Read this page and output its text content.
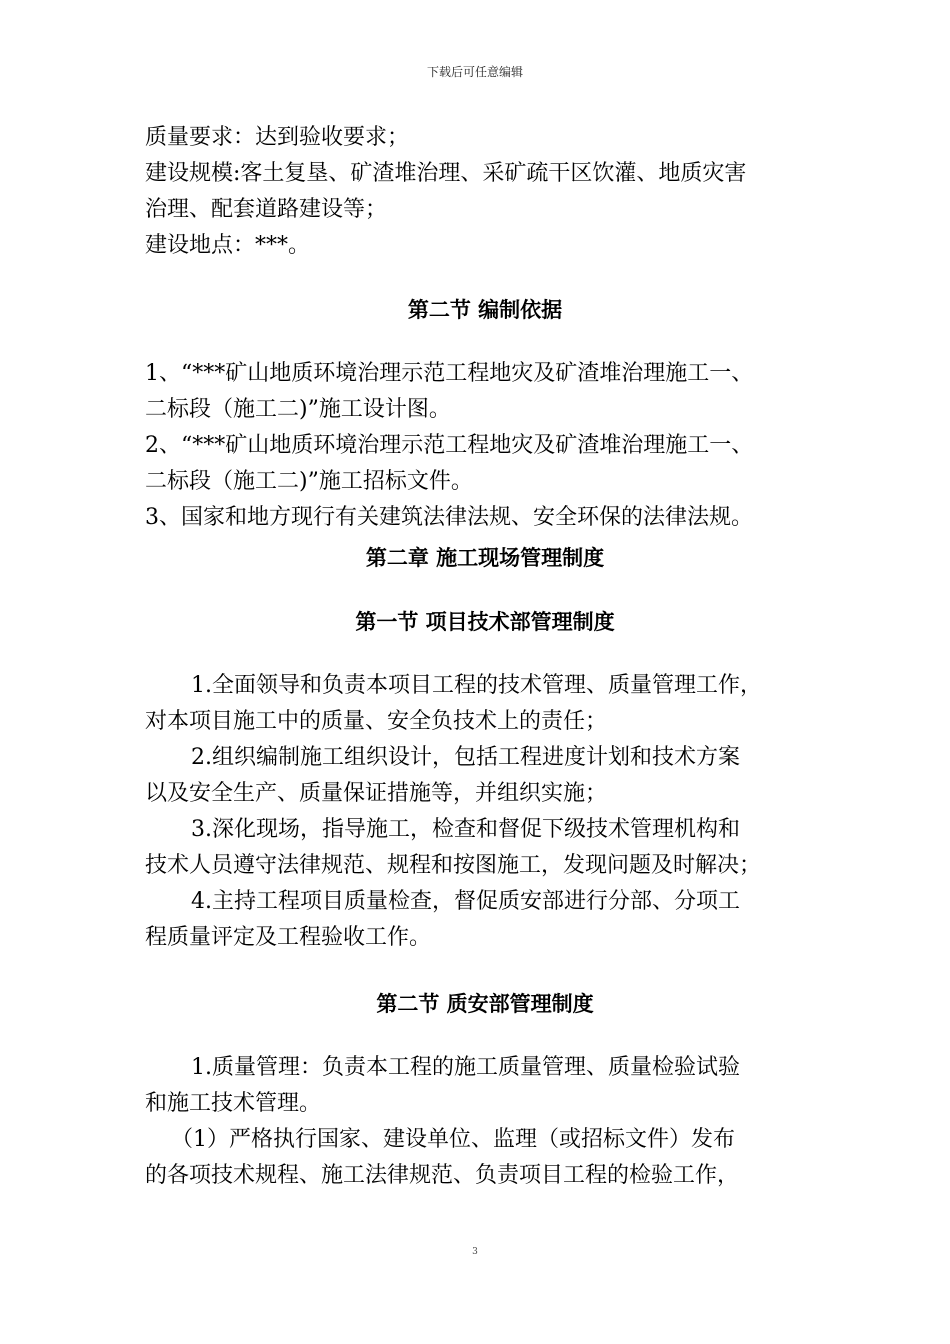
下载后可任意编辑
质量要求：达到验收要求；
建设规模:客土复垦、矿渣堆治理、采矿疏干区饮灌、地质灾害
治理、配套道路建设等；
建设地点：***。
第二节 编制依据
1、“***矿山地质环境治理示范工程地灾及矿渣堆治理施工一、
二标段（施工二)”施工设计图。
2、“***矿山地质环境治理示范工程地灾及矿渣堆治理施工一、
二标段（施工二)”施工招标文件。
3、国家和地方现行有关建筑法律法规、安全环保的法律法规。
第二章 施工现场管理制度
第一节 项目技术部管理制度
1.全面领导和负责本项目工程的技术管理、质量管理工作，
对本项目施工中的质量、安全负技术上的责任；
2.组织编制施工组织设计，包括工程进度计划和技术方案
以及安全生产、质量保证措施等，并组织实施；
3.深化现场，指导施工，检查和督促下级技术管理机构和
技术人员遵守法律规范、规程和按图施工，发现问题及时解决；
4.主持工程项目质量检查，督促质安部进行分部、分项工
程质量评定及工程验收工作。
第二节 质安部管理制度
1.质量管理：负责本工程的施工质量管理、质量检验试验
和施工技术管理。
（1）严格执行国家、建设单位、监理（或招标文件）发布
的各项技术规程、施工法律规范、负责项目工程的检验工作，
3
